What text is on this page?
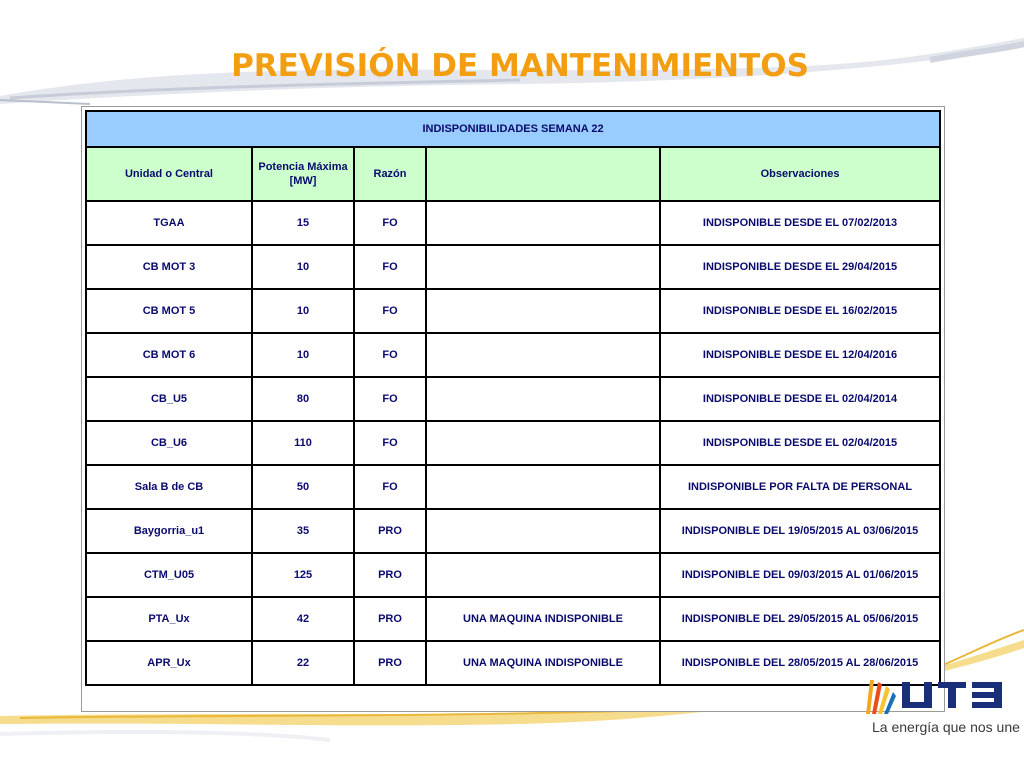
PREVISIÓN DE MANTENIMIENTOS
INDISPONIBILIDADES SEMANA 22				
Unidad o Central	Potencia Máxima [MW]	Razón		Observaciones
TGAA	15	FO		INDISPONIBLE DESDE EL 07/02/2013
CB MOT 3	10	FO		INDISPONIBLE DESDE EL 29/04/2015
CB MOT 5	10	FO		INDISPONIBLE DESDE EL 16/02/2015
CB MOT 6	10	FO		INDISPONIBLE DESDE EL 12/04/2016
CB_U5	80	FO		INDISPONIBLE DESDE EL 02/04/2014
CB_U6	110	FO		INDISPONIBLE DESDE EL 02/04/2015
Sala B de CB	50	FO		INDISPONIBLE POR FALTA DE PERSONAL
Baygorria_u1	35	PRO		INDISPONIBLE DEL 19/05/2015 AL 03/06/2015
CTM_U05	125	PRO		INDISPONIBLE DEL 09/03/2015 AL 01/06/2015
PTA_Ux	42	PRO	UNA MAQUINA INDISPONIBLE	INDISPONIBLE DEL 29/05/2015 AL 05/06/2015
APR_Ux	22	PRO	UNA MAQUINA INDISPONIBLE	INDISPONIBLE DEL 28/05/2015 AL 28/06/2015
La energía que nos une
